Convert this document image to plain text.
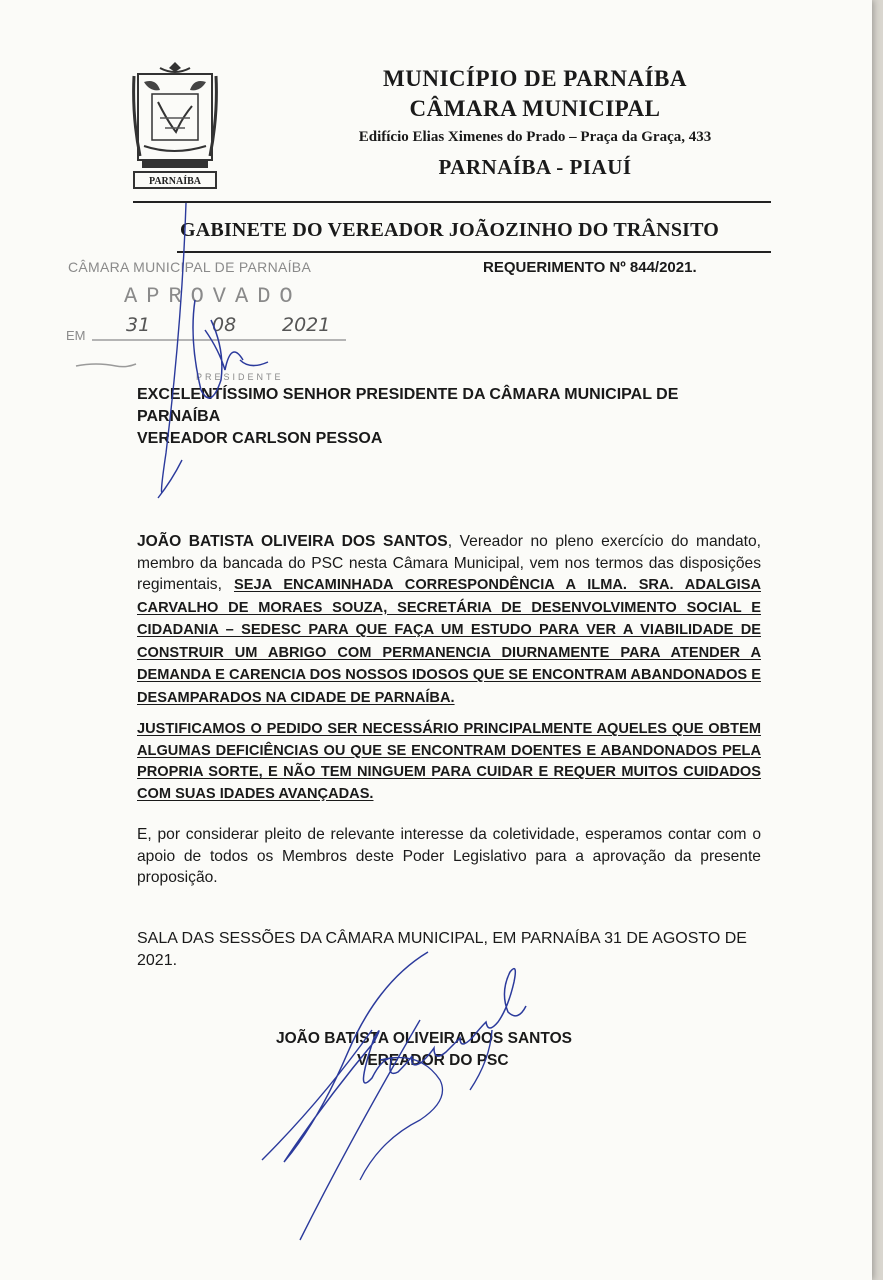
PARNAÍBA
MUNICÍPIO DE PARNAÍBA
CÂMARA MUNICIPAL
Edifício Elias Ximenes do Prado – Praça da Graça, 433
PARNAÍBA - PIAUÍ
GABINETE DO VEREADOR JOÃOZINHO DO TRÂNSITO
REQUERIMENTO Nº 844/2021.
CÂMARA MUNICIPAL DE PARNAÍBA
APROVADO
EM 31	08 2021
PRESIDENTE
EXCELENTÍSSIMO SENHOR PRESIDENTE DA CÂMARA MUNICIPAL DE
PARNAÍBA
VEREADOR CARLSON PESSOA
JOÃO BATISTA OLIVEIRA DOS SANTOS, Vereador no pleno exercício do mandato, membro da bancada do PSC nesta Câmara Municipal, vem nos termos das disposições regimentais, SEJA ENCAMINHADA CORRESPONDÊNCIA A ILMA. SRA. ADALGISA CARVALHO DE MORAES SOUZA, SECRETÁRIA DE DESENVOLVIMENTO SOCIAL E CIDADANIA – SEDESC PARA QUE FAÇA UM ESTUDO PARA VER A VIABILIDADE DE CONSTRUIR UM ABRIGO COM PERMANENCIA DIURNAMENTE PARA ATENDER A DEMANDA E CARENCIA DOS NOSSOS IDOSOS QUE SE ENCONTRAM ABANDONADOS E DESAMPARADOS NA CIDADE DE PARNAÍBA.
JUSTIFICAMOS O PEDIDO SER NECESSÁRIO PRINCIPALMENTE AQUELES QUE OBTEM ALGUMAS DEFICIÊNCIAS OU QUE SE ENCONTRAM DOENTES E ABANDONADOS PELA PROPRIA SORTE, E NÃO TEM NINGUEM PARA CUIDAR E REQUER MUITOS CUIDADOS COM SUAS IDADES AVANÇADAS.
E, por considerar pleito de relevante interesse da coletividade, esperamos contar com o apoio de todos os Membros deste Poder Legislativo para a aprovação da presente proposição.
SALA DAS SESSÕES DA CÂMARA MUNICIPAL, EM PARNAÍBA 31 DE AGOSTO DE 2021.
JOÃO BATISTA OLIVEIRA DOS SANTOS
VEREADOR DO PSC
